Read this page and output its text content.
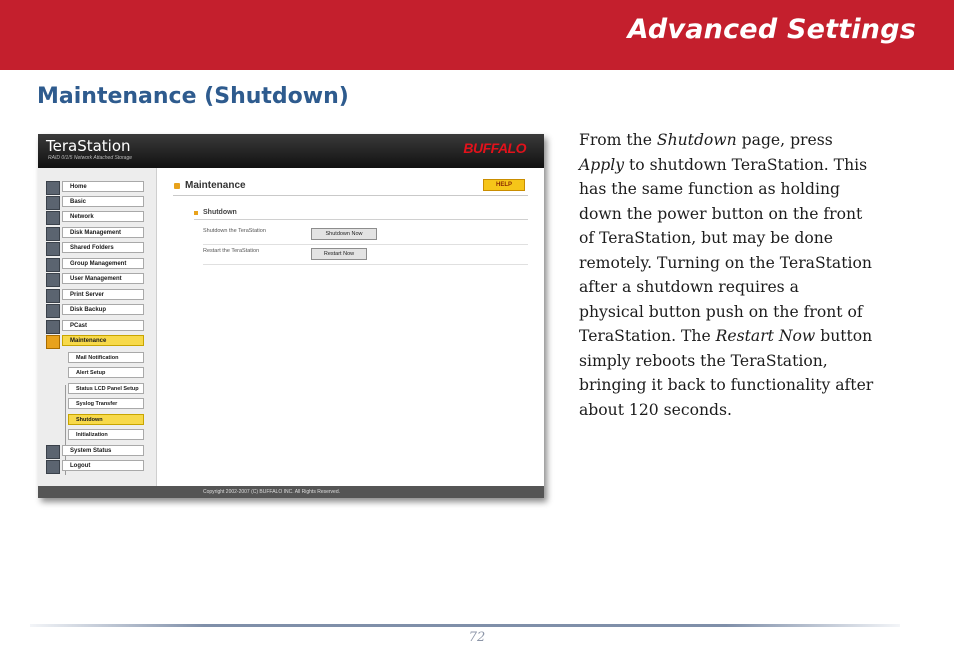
Advanced Settings
Maintenance (Shutdown)
TeraStation
RAID 0/1/5 Network Attached Storage
BUFFALO
Home
Basic
Network
Disk Management
Shared Folders
Group Management
User Management
Print Server
Disk Backup
PCast
Maintenance
Mail Notification
Alert Setup
Status LCD Panel Setup
Syslog Transfer
Shutdown
Initialization
System Status
Logout
Maintenance	HELP
Shutdown
Shutdown the TeraStation	Shutdown Now
Restart the TeraStation	Restart Now
Copyright 2002-2007 (C) BUFFALO INC. All Rights Reserved.

From the Shutdown page, press
Apply to shutdown TeraStation. This
has the same function as holding
down the power button on the front
of TeraStation, but may be done
remotely. Turning on the TeraStation
after a shutdown requires a
physical button push on the front of
TeraStation. The Restart Now button
simply reboots the TeraStation,
bringing it back to functionality after
about 120 seconds.

72
